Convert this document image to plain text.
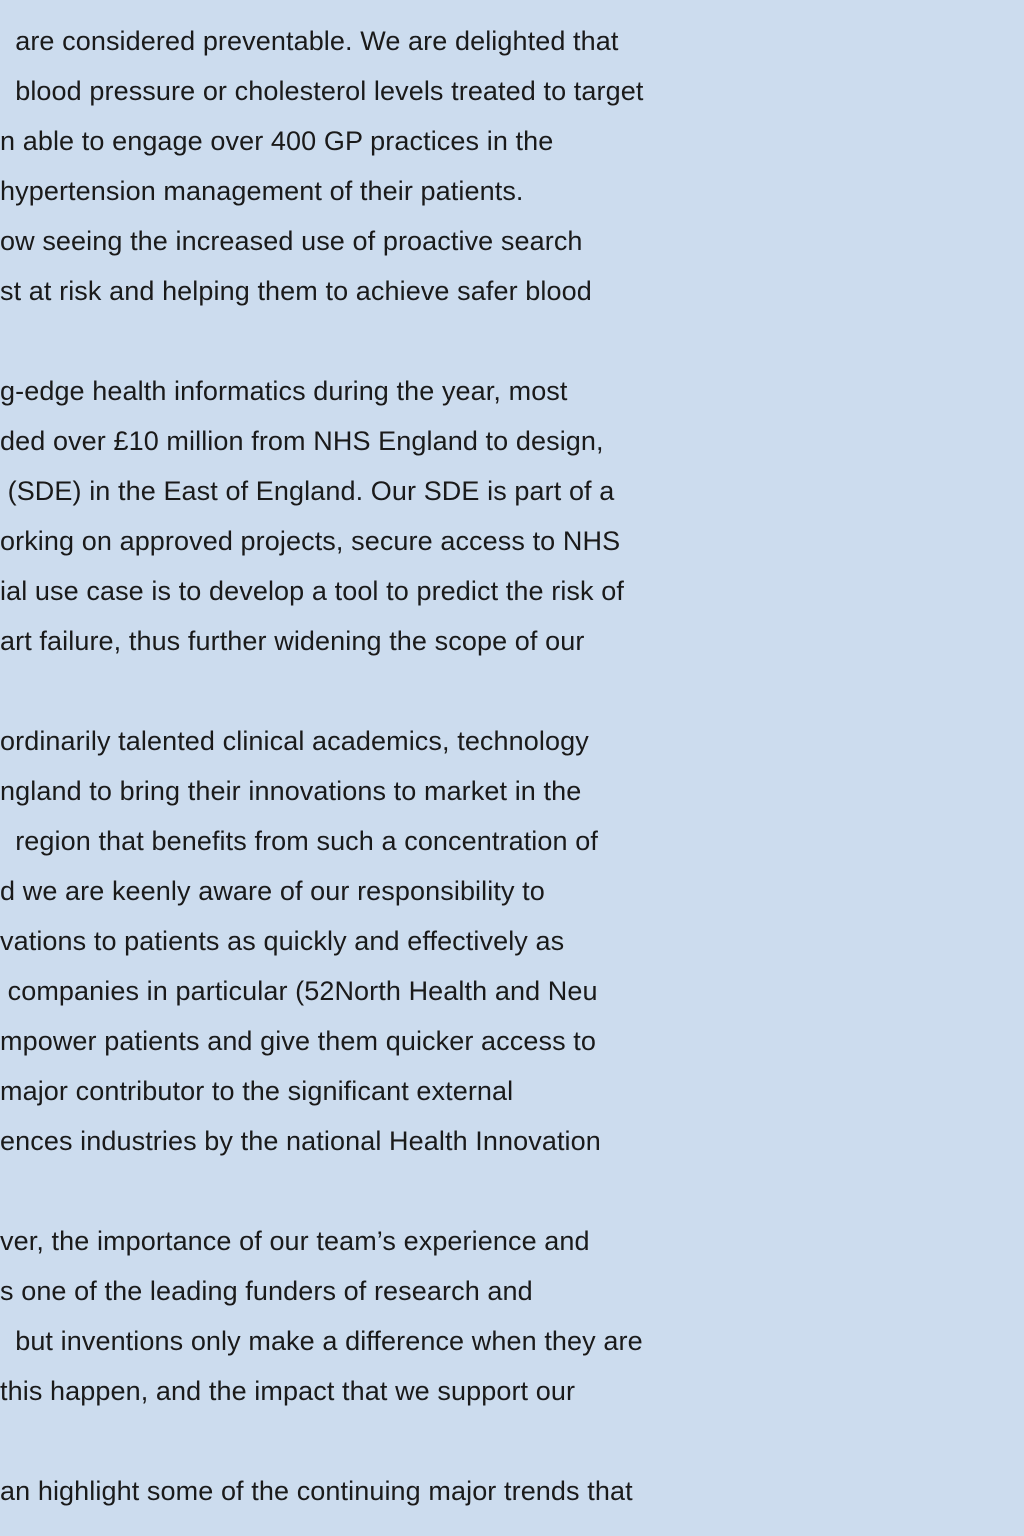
are considered preventable. We are delighted that
blood pressure or cholesterol levels treated to target
n able to engage over 400 GP practices in the
hypertension management of their patients.
ow seeing the increased use of proactive search
st at risk and helping them to achieve safer blood
g-edge health informatics during the year, most
ded over £10 million from NHS England to design,
(SDE) in the East of England. Our SDE is part of a
orking on approved projects, secure access to NHS
ial use case is to develop a tool to predict the risk of
art failure, thus further widening the scope of our
ordinarily talented clinical academics, technology
ngland to bring their innovations to market in the
region that benefits from such a concentration of
d we are keenly aware of our responsibility to
vations to patients as quickly and effectively as
companies in particular (52North Health and Neu
mpower patients and give them quicker access to
major contributor to the significant external
ences industries by the national Health Innovation
ver, the importance of our team’s experience and
s one of the leading funders of research and
but inventions only make a difference when they are
this happen, and the impact that we support our
an highlight some of the continuing major trends that
